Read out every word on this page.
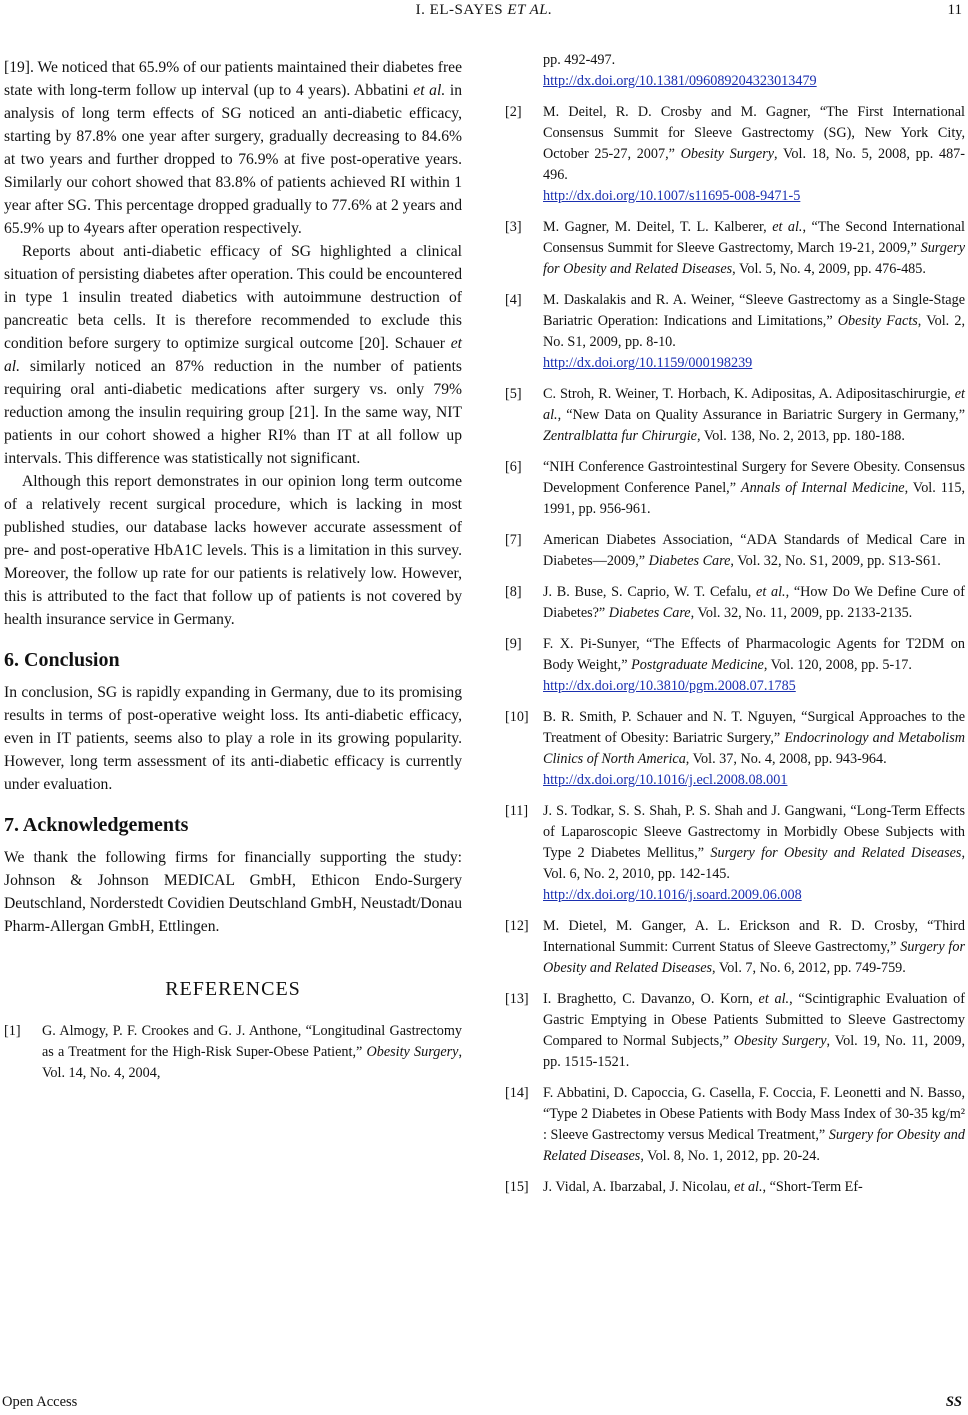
I. EL-SAYES ET AL.	11

[19]. We noticed that 65.9% of our patients maintained their diabetes free state with long-term follow up interval (up to 4 years). Abbatini et al. in analysis of long term effects of SG noticed an anti-diabetic efficacy, starting by 87.8% one year after surgery, gradually decreasing to 84.6% at two years and further dropped to 76.9% at five post-operative years. Similarly our cohort showed that 83.8% of patients achieved RI within 1 year after SG. This percentage dropped gradually to 77.6% at 2 years and 65.9% up to 4years after operation respectively.

Reports about anti-diabetic efficacy of SG highlighted a clinical situation of persisting diabetes after operation. This could be encountered in type 1 insulin treated diabetics with autoimmune destruction of pancreatic beta cells. It is therefore recommended to exclude this condition before surgery to optimize surgical outcome [20]. Schauer et al. similarly noticed an 87% reduction in the number of patients requiring oral anti-diabetic medications after surgery vs. only 79% reduction among the insulin requiring group [21]. In the same way, NIT patients in our cohort showed a higher RI% than IT at all follow up intervals. This difference was statistically not significant.

Although this report demonstrates in our opinion long term outcome of a relatively recent surgical procedure, which is lacking in most published studies, our database lacks however accurate assessment of pre- and post-operative HbA1C levels. This is a limitation in this survey. Moreover, the follow up rate for our patients is relatively low. However, this is attributed to the fact that follow up of patients is not covered by health insurance service in Germany.

6. Conclusion

In conclusion, SG is rapidly expanding in Germany, due to its promising results in terms of post-operative weight loss. Its anti-diabetic efficacy, even in IT patients, seems also to play a role in its growing popularity. However, long term assessment of its anti-diabetic efficacy is currently under evaluation.

7. Acknowledgements

We thank the following firms for financially supporting the study: Johnson & Johnson MEDICAL GmbH, Ethicon Endo-Surgery Deutschland, Norderstedt Covidien Deutschland GmbH, Neustadt/Donau Pharm-Allergan GmbH, Ettlingen.

REFERENCES
[1] G. Almogy, P. F. Crookes and G. J. Anthone, “Longitudinal Gastrectomy as a Treatment for the High-Risk Super-Obese Patient,” Obesity Surgery, Vol. 14, No. 4, 2004,
pp. 492-497.
http://dx.doi.org/10.1381/096089204323013479
[2] M. Deitel, R. D. Crosby and M. Gagner, “The First International Consensus Summit for Sleeve Gastrectomy (SG), New York City, October 25-27, 2007,” Obesity Surgery, Vol. 18, No. 5, 2008, pp. 487-496.
http://dx.doi.org/10.1007/s11695-008-9471-5
[3] M. Gagner, M. Deitel, T. L. Kalberer, et al., “The Second International Consensus Summit for Sleeve Gastrectomy, March 19-21, 2009,” Surgery for Obesity and Related Diseases, Vol. 5, No. 4, 2009, pp. 476-485.
[4] M. Daskalakis and R. A. Weiner, “Sleeve Gastrectomy as a Single-Stage Bariatric Operation: Indications and Limitations,” Obesity Facts, Vol. 2, No. S1, 2009, pp. 8-10.
http://dx.doi.org/10.1159/000198239
[5] C. Stroh, R. Weiner, T. Horbach, K. Adipositas, A. Adipositaschirurgie, et al., “New Data on Quality Assurance in Bariatric Surgery in Germany,” Zentralblatta fur Chirurgie, Vol. 138, No. 2, 2013, pp. 180-188.
[6] “NIH Conference Gastrointestinal Surgery for Severe Obesity. Consensus Development Conference Panel,” Annals of Internal Medicine, Vol. 115, 1991, pp. 956-961.
[7] American Diabetes Association, “ADA Standards of Medical Care in Diabetes—2009,” Diabetes Care, Vol. 32, No. S1, 2009, pp. S13-S61.
[8] J. B. Buse, S. Caprio, W. T. Cefalu, et al., “How Do We Define Cure of Diabetes?” Diabetes Care, Vol. 32, No. 11, 2009, pp. 2133-2135.
[9] F. X. Pi-Sunyer, “The Effects of Pharmacologic Agents for T2DM on Body Weight,” Postgraduate Medicine, Vol. 120, 2008, pp. 5-17.
http://dx.doi.org/10.3810/pgm.2008.07.1785
[10] B. R. Smith, P. Schauer and N. T. Nguyen, “Surgical Approaches to the Treatment of Obesity: Bariatric Surgery,” Endocrinology and Metabolism Clinics of North America, Vol. 37, No. 4, 2008, pp. 943-964.
http://dx.doi.org/10.1016/j.ecl.2008.08.001
[11] J. S. Todkar, S. S. Shah, P. S. Shah and J. Gangwani, “Long-Term Effects of Laparoscopic Sleeve Gastrectomy in Morbidly Obese Subjects with Type 2 Diabetes Mellitus,” Surgery for Obesity and Related Diseases, Vol. 6, No. 2, 2010, pp. 142-145.
http://dx.doi.org/10.1016/j.soard.2009.06.008
[12] M. Dietel, M. Ganger, A. L. Erickson and R. D. Crosby, “Third International Summit: Current Status of Sleeve Gastrectomy,” Surgery for Obesity and Related Diseases, Vol. 7, No. 6, 2012, pp. 749-759.
[13] I. Braghetto, C. Davanzo, O. Korn, et al., “Scintigraphic Evaluation of Gastric Emptying in Obese Patients Submitted to Sleeve Gastrectomy Compared to Normal Subjects,” Obesity Surgery, Vol. 19, No. 11, 2009, pp. 1515-1521.
[14] F. Abbatini, D. Capoccia, G. Casella, F. Coccia, F. Leonetti and N. Basso, “Type 2 Diabetes in Obese Patients with Body Mass Index of 30-35 kg/m² : Sleeve Gastrectomy versus Medical Treatment,” Surgery for Obesity and Related Diseases, Vol. 8, No. 1, 2012, pp. 20-24.
[15] J. Vidal, A. Ibarzabal, J. Nicolau, et al., “Short-Term Ef-
Open Access	SS
